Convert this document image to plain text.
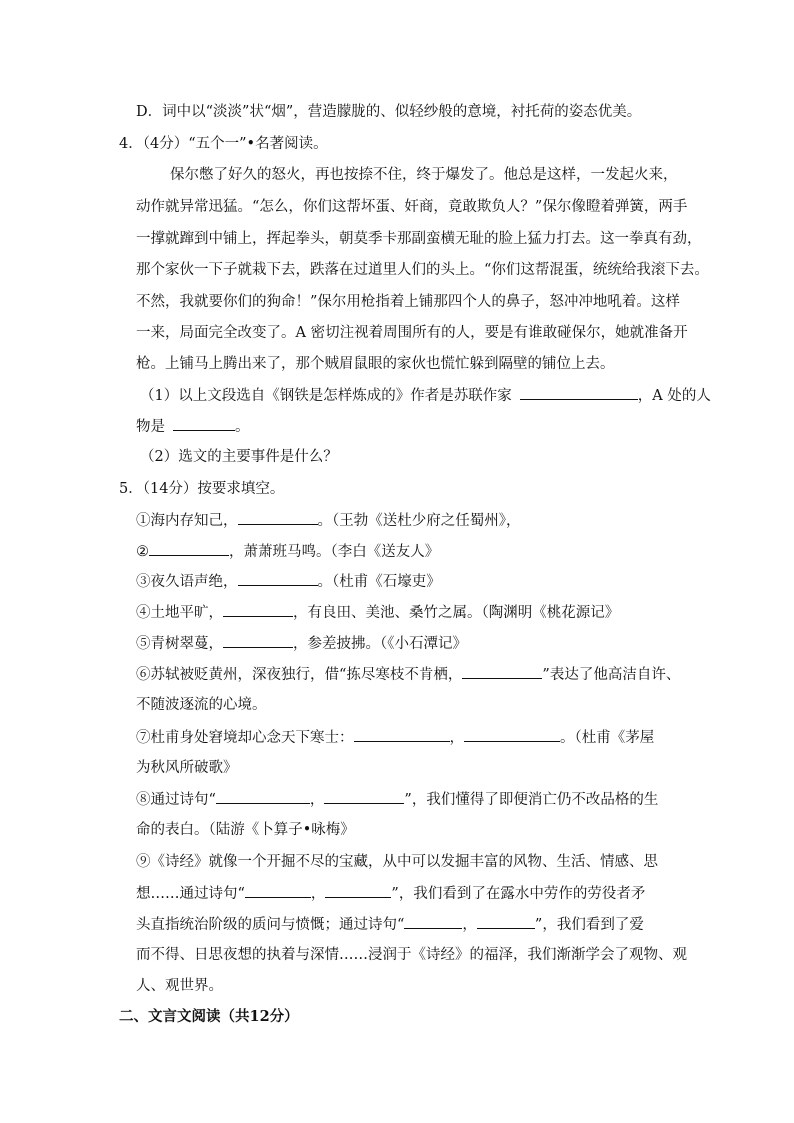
D．词中以“淡淡”状“烟”，营造朦胧的、似轻纱般的意境，衬托荷的姿态优美。
4．（4分）“五个一”•名著阅读。
保尔憋了好久的怒火，再也按捺不住，终于爆发了。他总是这样，一发起火来，
动作就异常迅猛。“怎么，你们这帮坏蛋、奸商，竟敢欺负人？”保尔像瞪着弹簧，两手
一撑就蹿到中铺上，挥起拳头，朝莫季卡那副蛮横无耻的脸上猛力打去。这一拳真有劲，
那个家伙一下子就栽下去，跌落在过道里人们的头上。“你们这帮混蛋，统统给我滚下去。
不然，我就要你们的狗命！”保尔用枪指着上铺那四个人的鼻子，怒冲冲地吼着。这样
一来，局面完全改变了。A 密切注视着周围所有的人，要是有谁敢碰保尔，她就准备开
枪。上铺马上腾出来了，那个贼眉鼠眼的家伙也慌忙躲到隔壁的铺位上去。
（1）以上文段选自《钢铁是怎样炼成的》作者是苏联作家	，A 处的人
物是	。
（2）选文的主要事件是什么？
5．（14分）按要求填空。
①海内存知己，	。（王勃《送杜少府之任蜀州》，
②	，萧萧班马鸣。（李白《送友人》
③夜久语声绝，	。（杜甫《石壕吏》
④土地平旷，	，有良田、美池、桑竹之属。（陶渊明《桃花源记》
⑤青树翠蔓，	，参差披拂。（《小石潭记》
⑥苏轼被贬黄州，深夜独行，借“拣尽寒枝不肯栖，	”表达了他高洁自许、
不随波逐流的心境。
⑦杜甫身处窘境却心念天下寒士：	，	。（杜甫《茅屋
为秋风所破歌》
⑧通过诗句“	，	”，我们懂得了即便消亡仍不改品格的生
命的表白。（陆游《卜算子•咏梅》
⑨《诗经》就像一个开掘不尽的宝藏，从中可以发掘丰富的风物、生活、情感、思
想……通过诗句“	，	”，我们看到了在露水中劳作的劳役者矛
头直指统治阶级的质问与愤慨；通过诗句“	，	”，我们看到了爱
而不得、日思夜想的执着与深情……浸润于《诗经》的福泽，我们渐渐学会了观物、观
人、观世界。
二、文言文阅读（共12分）
